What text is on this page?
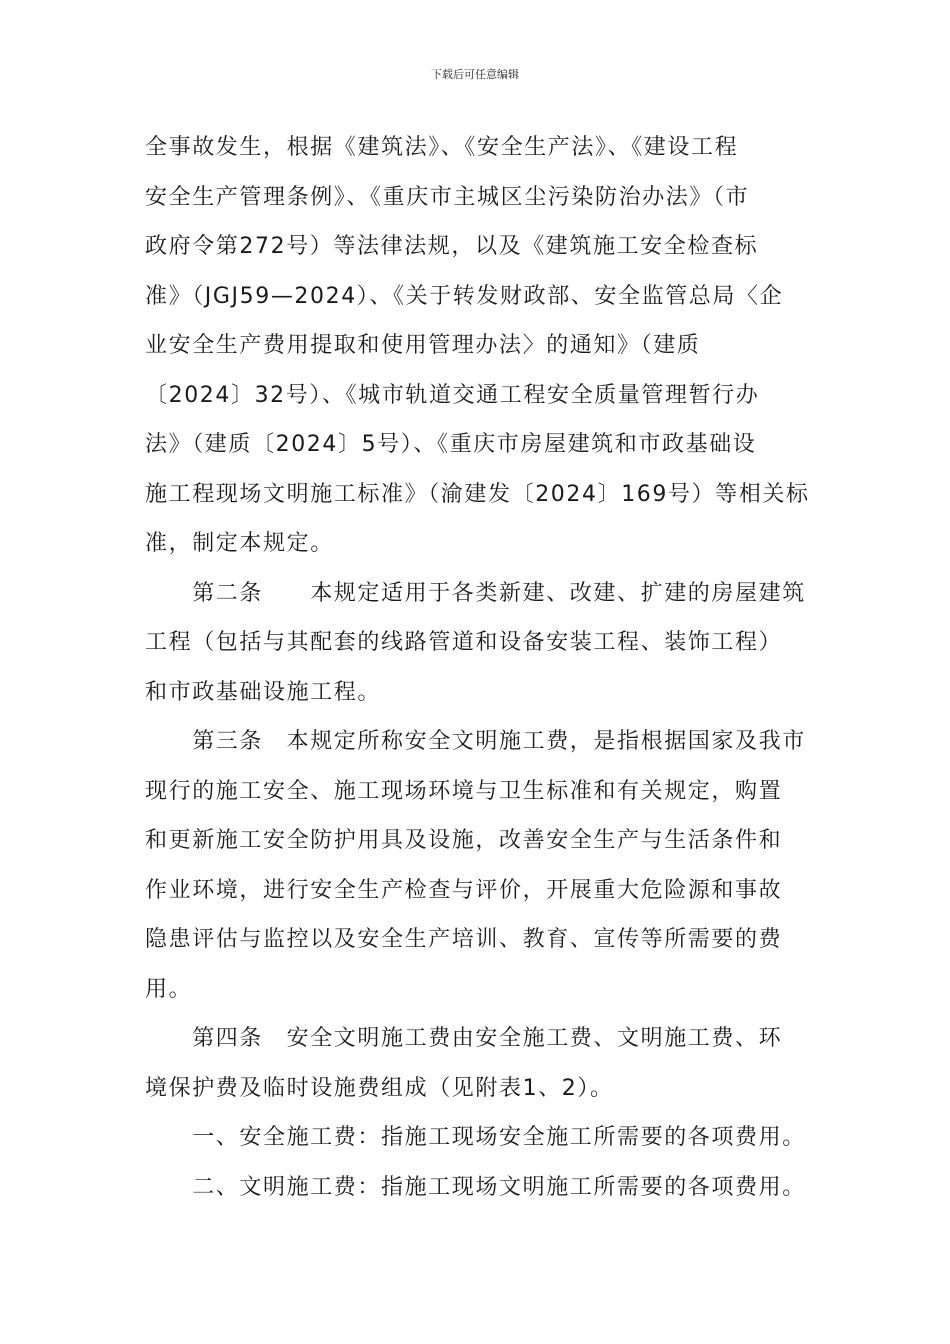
下载后可任意编辑
全事故发生，根据《建筑法》、《安全生产法》、《建设工程
安全生产管理条例》、《重庆市主城区尘污染防治办法》（市
政府令第272号）等法律法规，以及《建筑施工安全检查标
准》（JGJ59—2024）、《关于转发财政部、安全监管总局〈企
业安全生产费用提取和使用管理办法〉的通知》（建质
〔2024〕32号）、《城市轨道交通工程安全质量管理暂行办
法》（建质〔2024〕5号）、《重庆市房屋建筑和市政基础设
施工程现场文明施工标准》（渝建发〔2024〕169号）等相关标
准，制定本规定。
　　第二条　　本规定适用于各类新建、改建、扩建的房屋建筑
工程（包括与其配套的线路管道和设备安装工程、装饰工程）
和市政基础设施工程。
　　第三条　本规定所称安全文明施工费，是指根据国家及我市
现行的施工安全、施工现场环境与卫生标准和有关规定，购置
和更新施工安全防护用具及设施，改善安全生产与生活条件和
作业环境，进行安全生产检查与评价，开展重大危险源和事故
隐患评估与监控以及安全生产培训、教育、宣传等所需要的费
用。
　　第四条　安全文明施工费由安全施工费、文明施工费、环
境保护费及临时设施费组成（见附表1、2）。
　　一、安全施工费：指施工现场安全施工所需要的各项费用。
　　二、文明施工费：指施工现场文明施工所需要的各项费用。
